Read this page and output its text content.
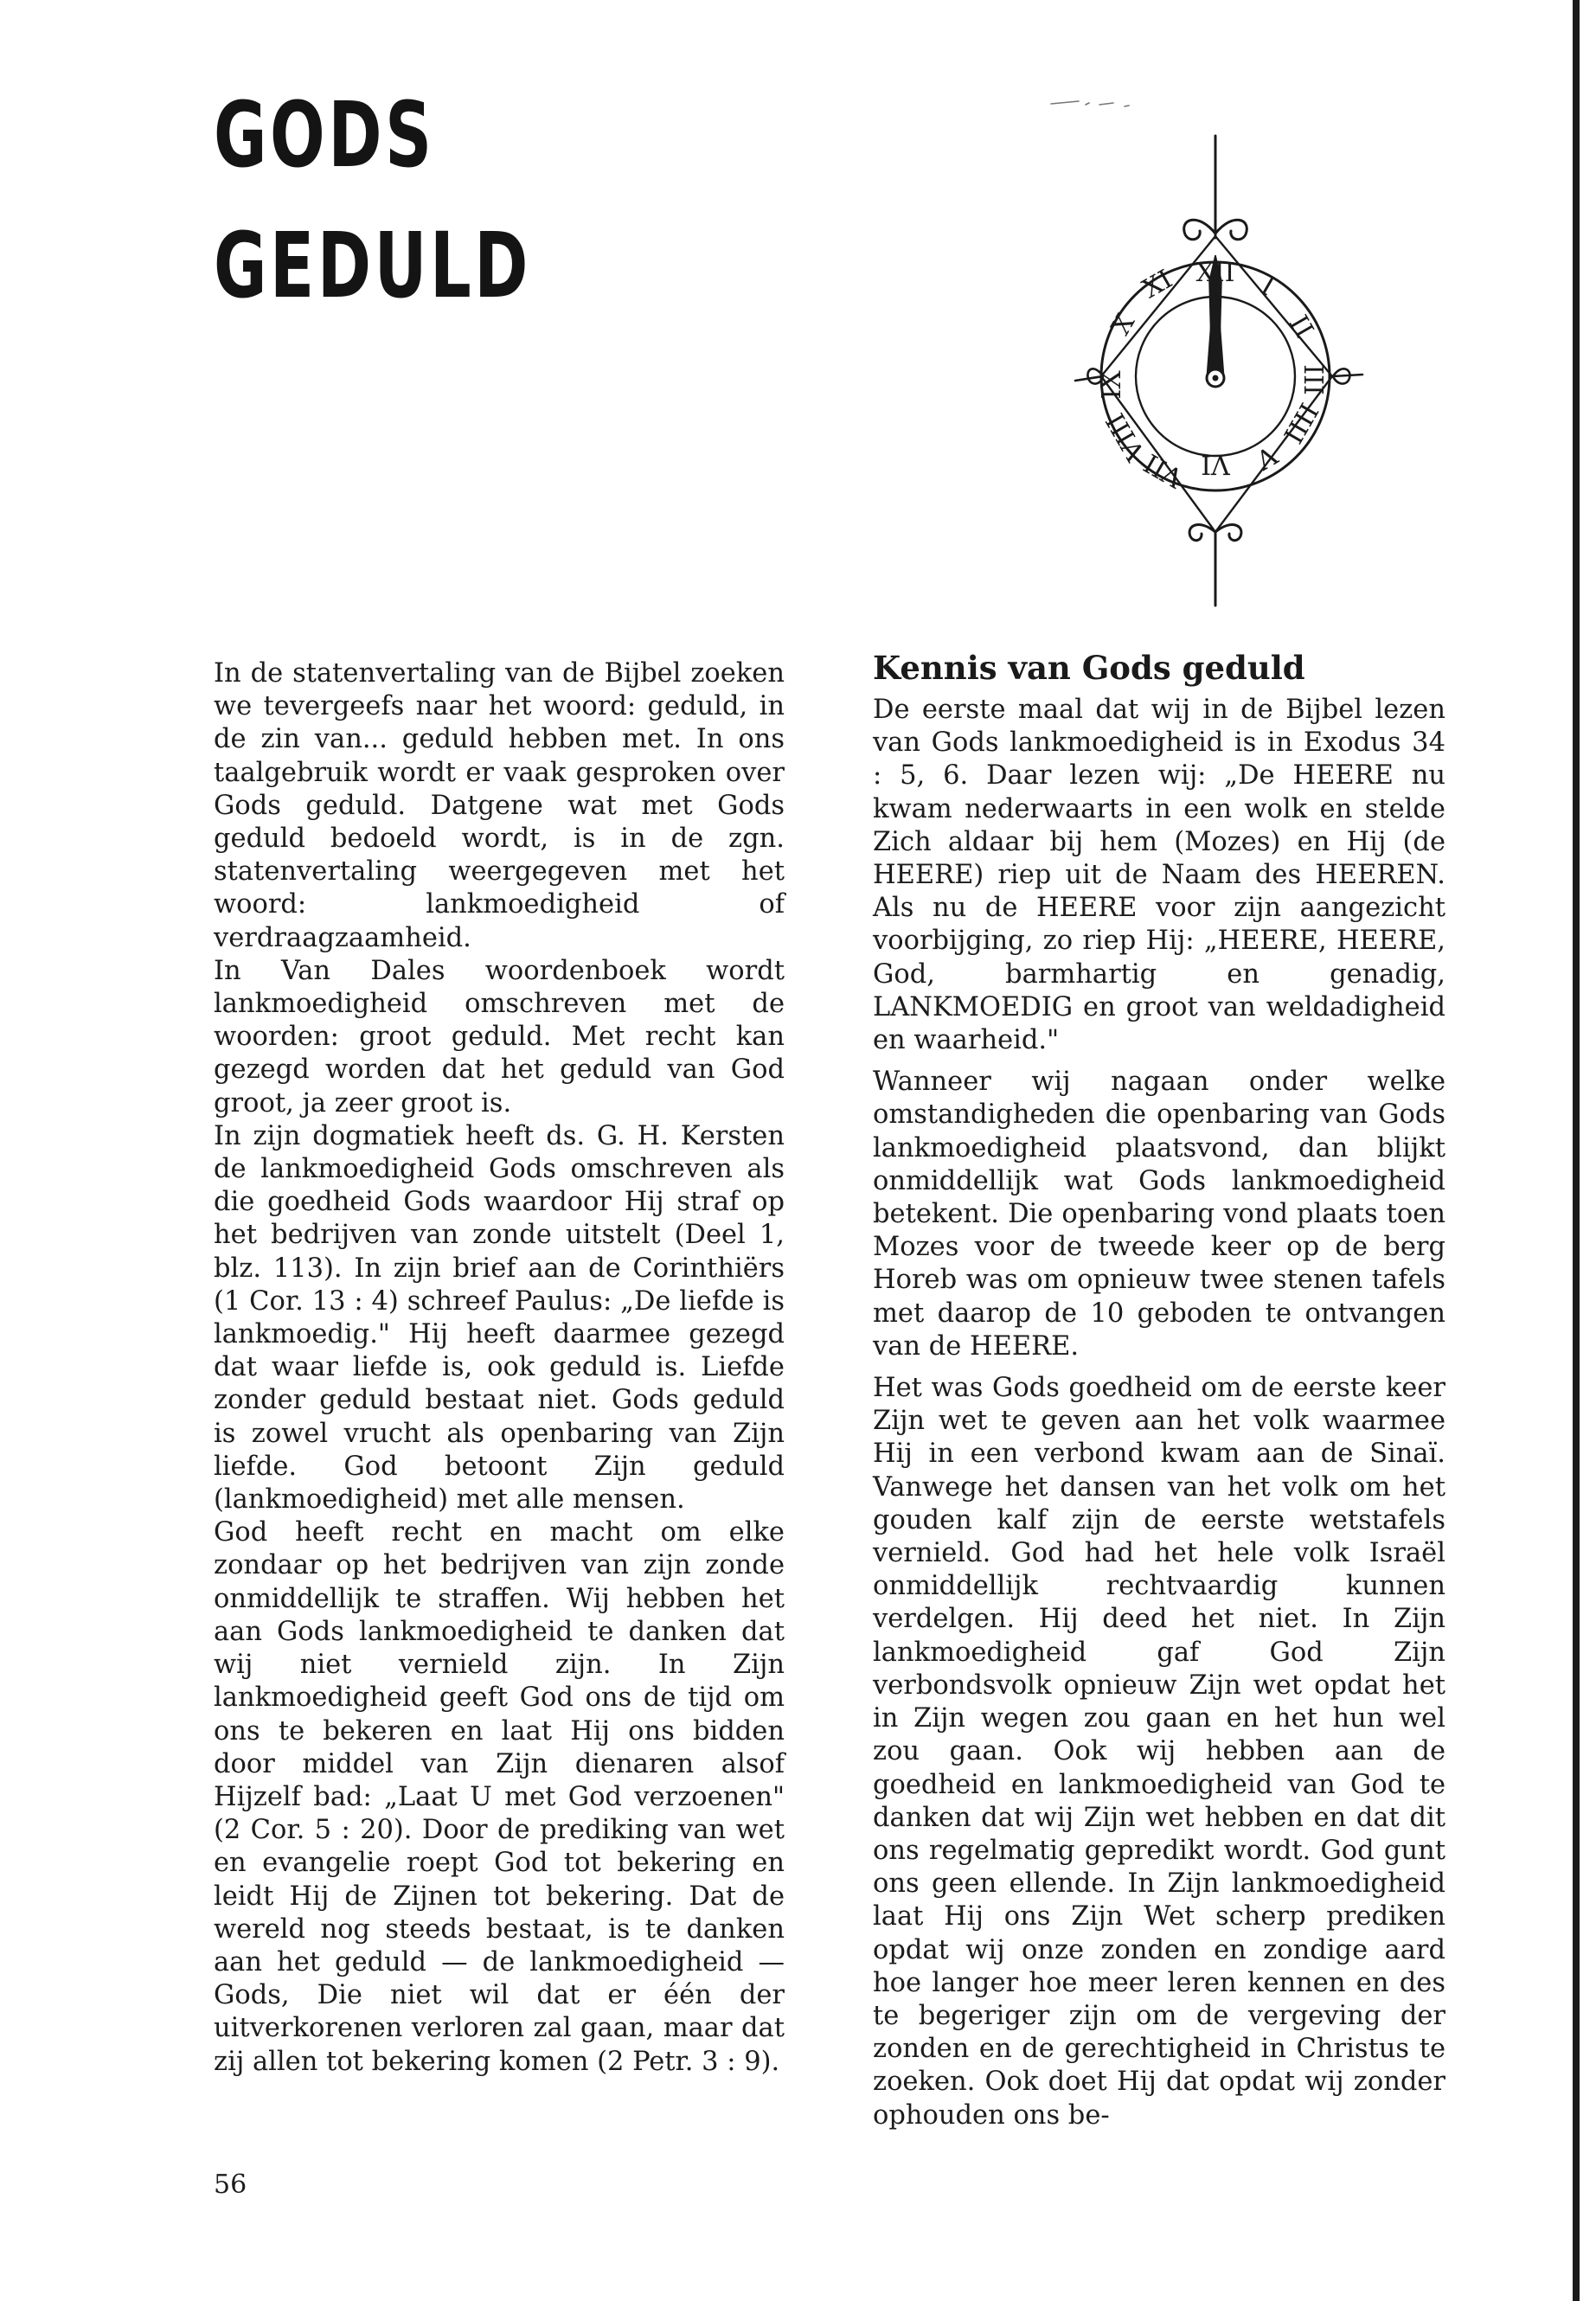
GODS
GEDULD	XII
XI
X
IX
VIII
VII VI V
IIII
III
II
I

In de statenvertaling van de Bijbel zoeken we tevergeefs naar het woord: geduld, in de zin van... geduld hebben met. In ons taalgebruik wordt er vaak gesproken over Gods geduld. Datgene wat met Gods geduld bedoeld wordt, is in de zgn. statenvertaling weergegeven met het woord: lankmoedigheid of verdraagzaamheid.

In Van Dales woordenboek wordt lankmoedigheid omschreven met de woorden: groot geduld. Met recht kan gezegd worden dat het geduld van God groot, ja zeer groot is.

In zijn dogmatiek heeft ds. G. H. Kersten de lankmoedigheid Gods omschreven als die goedheid Gods waardoor Hij straf op het bedrijven van zonde uitstelt (Deel 1, blz. 113). In zijn brief aan de Corinthiërs (1 Cor. 13 : 4) schreef Paulus: „De liefde is lankmoedig." Hij heeft daarmee gezegd dat waar liefde is, ook geduld is. Liefde zonder geduld bestaat niet. Gods geduld is zowel vrucht als openbaring van Zijn liefde. God betoont Zijn geduld (lankmoedigheid) met alle mensen.

God heeft recht en macht om elke zondaar op het bedrijven van zijn zonde onmiddellijk te straffen. Wij hebben het aan Gods lankmoedigheid te danken dat wij niet vernield zijn. In Zijn lankmoedigheid geeft God ons de tijd om ons te bekeren en laat Hij ons bidden door middel van Zijn dienaren alsof Hijzelf bad: „Laat U met God verzoenen" (2 Cor. 5 : 20). Door de prediking van wet en evangelie roept God tot bekering en leidt Hij de Zijnen tot bekering. Dat de wereld nog steeds bestaat, is te danken aan het geduld — de lankmoedigheid — Gods, Die niet wil dat er één der uitverkorenen verloren zal gaan, maar dat zij allen tot bekering komen (2 Petr. 3 : 9).

Kennis van Gods geduld

De eerste maal dat wij in de Bijbel lezen van Gods lankmoedigheid is in Exodus 34 : 5, 6. Daar lezen wij: „De HEERE nu kwam nederwaarts in een wolk en stelde Zich aldaar bij hem (Mozes) en Hij (de HEERE) riep uit de Naam des HEEREN. Als nu de HEERE voor zijn aangezicht voorbijging, zo riep Hij: „HEERE, HEERE, God, barmhartig en genadig, LANKMOEDIG en groot van weldadigheid en waarheid."

Wanneer wij nagaan onder welke omstandigheden die openbaring van Gods lankmoedigheid plaatsvond, dan blijkt onmiddellijk wat Gods lankmoedigheid betekent. Die openbaring vond plaats toen Mozes voor de tweede keer op de berg Horeb was om opnieuw twee stenen tafels met daarop de 10 geboden te ontvangen van de HEERE.

Het was Gods goedheid om de eerste keer Zijn wet te geven aan het volk waarmee Hij in een verbond kwam aan de Sinaï. Vanwege het dansen van het volk om het gouden kalf zijn de eerste wetstafels vernield. God had het hele volk Israël onmiddellijk rechtvaardig kunnen verdelgen. Hij deed het niet. In Zijn lankmoedigheid gaf God Zijn verbondsvolk opnieuw Zijn wet opdat het in Zijn wegen zou gaan en het hun wel zou gaan. Ook wij hebben aan de goedheid en lankmoedigheid van God te danken dat wij Zijn wet hebben en dat dit ons regelmatig gepredikt wordt. God gunt ons geen ellende. In Zijn lankmoedigheid laat Hij ons Zijn Wet scherp prediken opdat wij onze zonden en zondige aard hoe langer hoe meer leren kennen en des te begeriger zijn om de vergeving der zonden en de gerechtigheid in Christus te zoeken. Ook doet Hij dat opdat wij zonder ophouden ons be-

56
